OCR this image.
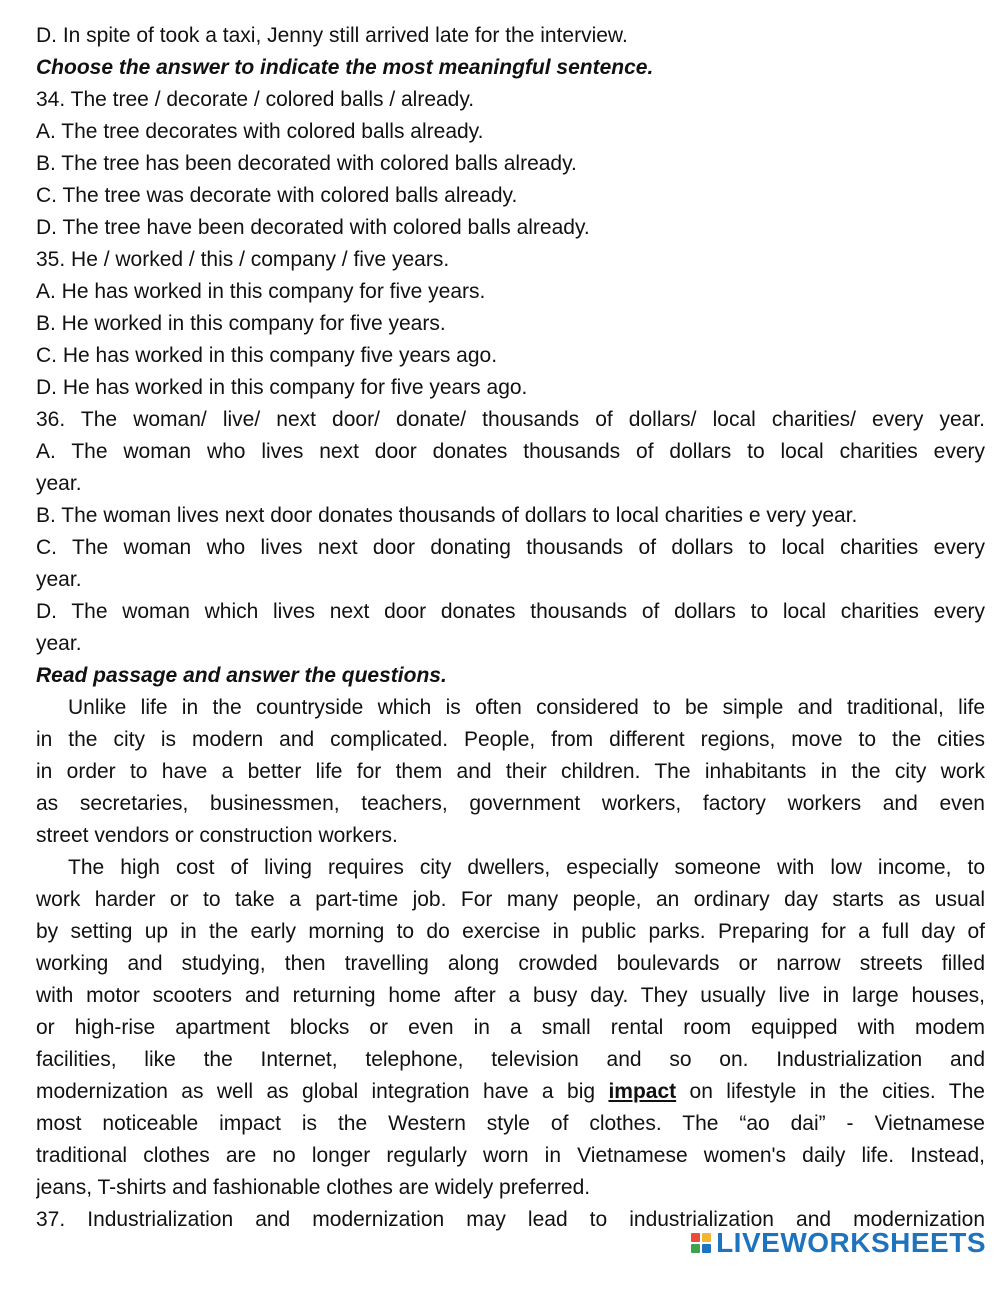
D. In spite of took a taxi, Jenny still arrived late for the interview.
Choose the answer to indicate the most meaningful sentence.
34. The tree / decorate / colored balls / already.
A. The tree decorates with colored balls already.
B. The tree has been decorated with colored balls already.
C. The tree was decorate with colored balls already.
D. The tree have been decorated with colored balls already.
35. He / worked / this / company / five years.
A. He has worked in this company for five years.
B. He worked in this company for five years.
C. He has worked in this company five years ago.
D. He has worked in this company for five years ago.
36. The woman/ live/ next door/ donate/ thousands of dollars/ local charities/ every year.
A. The woman who lives next door donates thousands of dollars to local charities every
year.
B. The woman lives next door donates thousands of dollars to local charities e very year.
C. The woman who lives next door donating thousands of dollars to local charities every
year.
D. The woman which lives next door donates thousands of dollars to local charities every
year.
Read passage and answer the questions.
Unlike life in the countryside which is often considered to be simple and traditional, life
in the city is modern and complicated. People, from different regions, move to the cities
in order to have a better life for them and their children. The inhabitants in the city work
as secretaries, businessmen, teachers, government workers, factory workers and even
street vendors or construction workers.
The high cost of living requires city dwellers, especially someone with low income, to
work harder or to take a part-time job. For many people, an ordinary day starts as usual
by setting up in the early morning to do exercise in public parks. Preparing for a full day of
working and studying, then travelling along crowded boulevards or narrow streets filled
with motor scooters and returning home after a busy day. They usually live in large houses,
or high-rise apartment blocks or even in a small rental room equipped with modem
facilities, like the Internet, telephone, television and so on. Industrialization and
modernization as well as global integration have a big impact on lifestyle in the cities. The
most noticeable impact is the Western style of clothes. The “ao dai” - Vietnamese
traditional clothes are no longer regularly worn in Vietnamese women's daily life. Instead,
jeans, T-shirts and fashionable clothes are widely preferred.
37. Industrialization and modernization may lead to industrialization and modernization
LIVEWORKSHEETS
